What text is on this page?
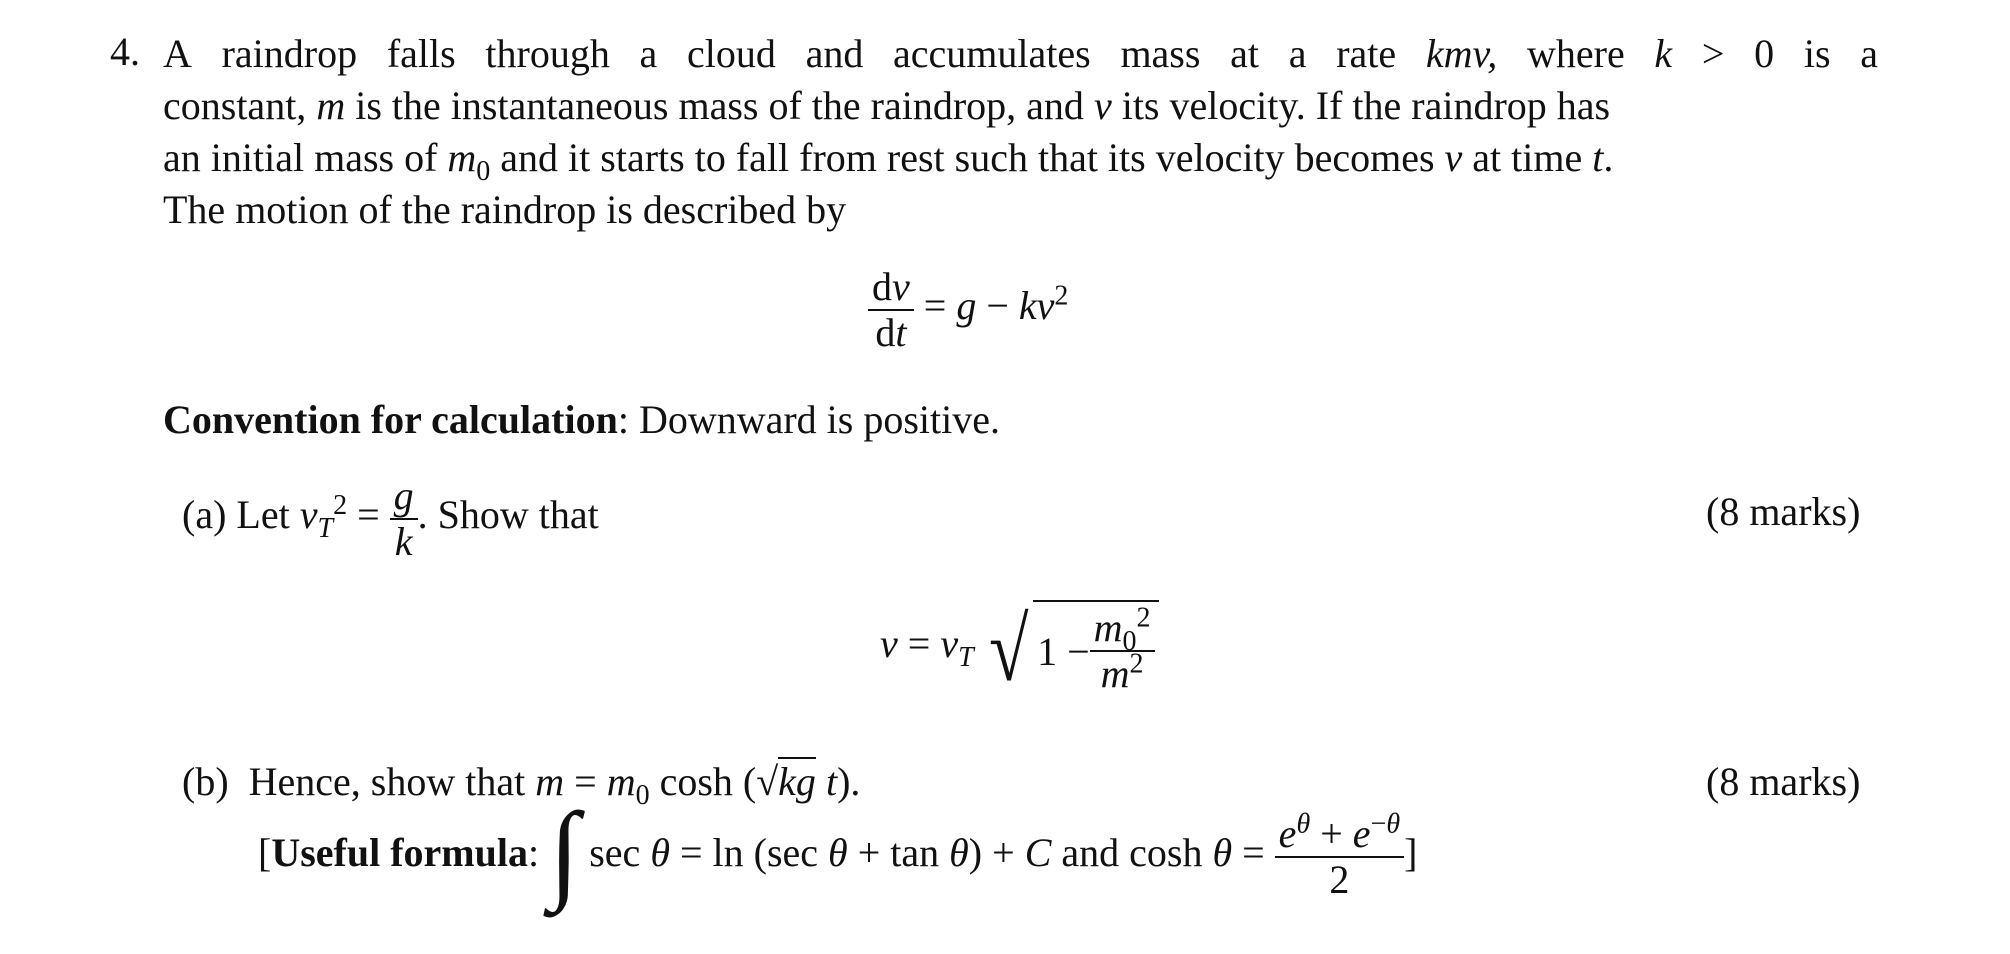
4. A raindrop falls through a cloud and accumulates mass at a rate kmv, where k > 0 is a
constant, m is the instantaneous mass of the raindrop, and v its velocity. If the raindrop has
an initial mass of $m_0$ and it starts to fall from rest such that its velocity becomes v at time t.
The motion of the raindrop is described by
$\frac{dv}{dt} = g - kv^2$
Convention for calculation: Downward is positive.
(a) Let $v_T^2 = \frac{g}{k}$ . Show that	(8 marks)
$v = v_T$ √ $1 - \frac{m_0^2}{m^2}$
(b)  Hence, show that $m = m_0$ cosh (√kg t).	(8 marks)
[Useful formula: ∫ sec θ = ln (sec θ + tan θ) + C and $\cosh \theta = \frac{e^\theta + e^{-\theta}}{2}$ ]
